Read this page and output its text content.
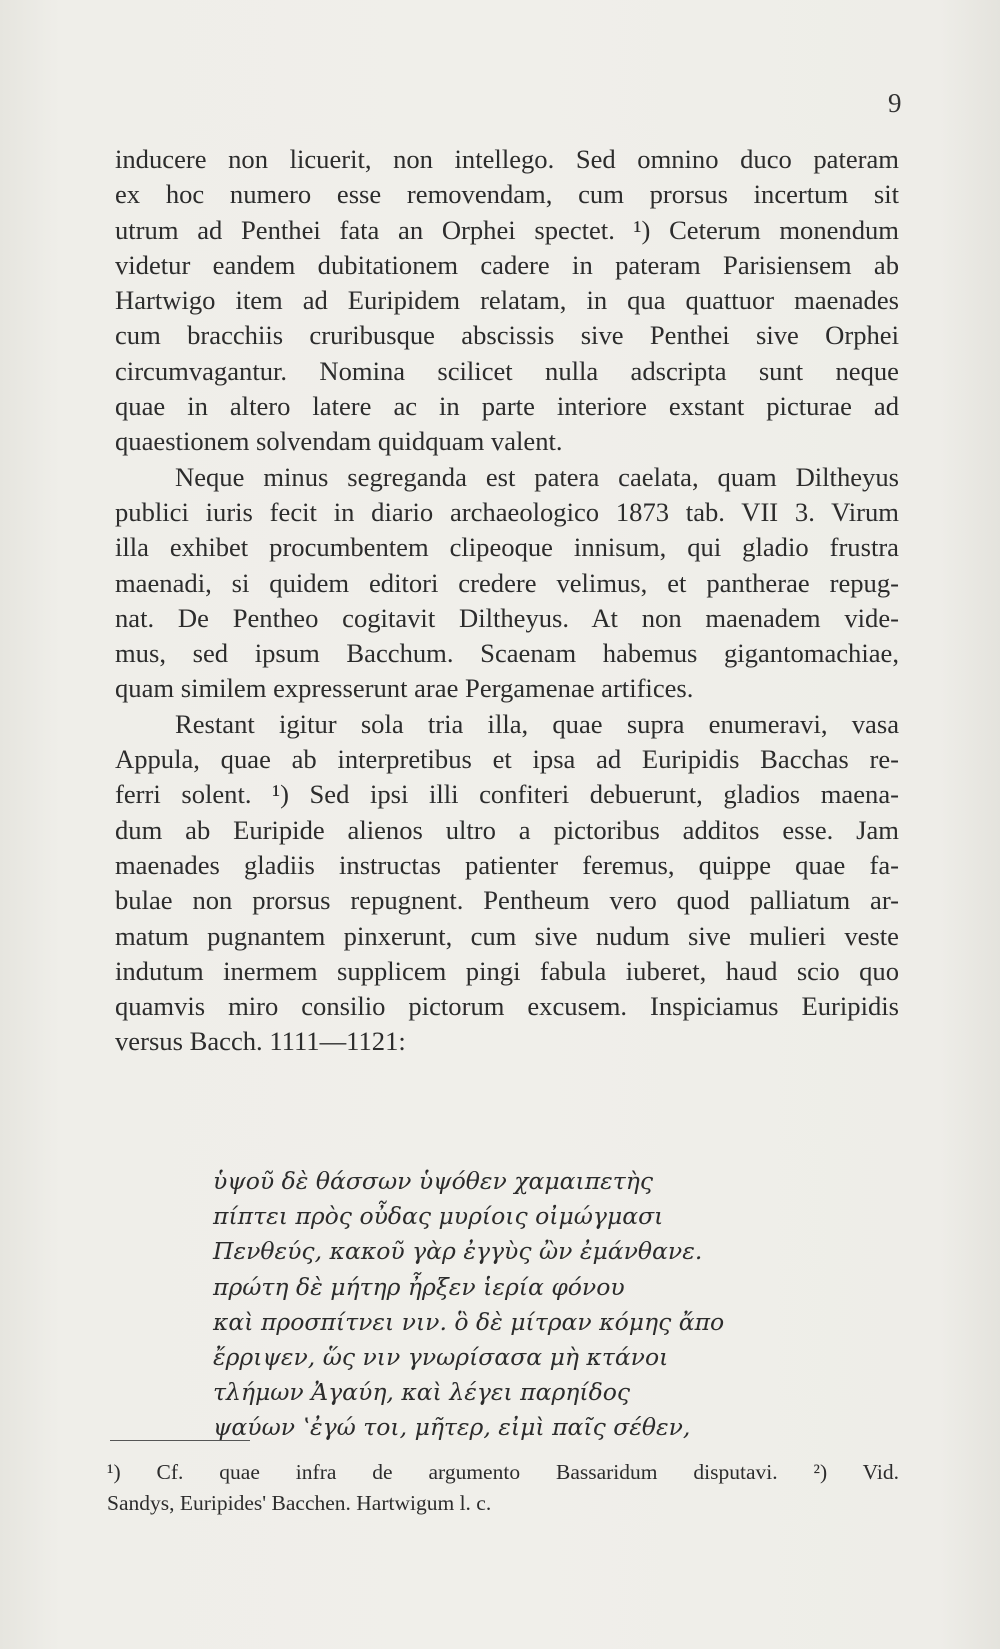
9
inducere non licuerit, non intellego. Sed omnino duco pateram
ex hoc numero esse removendam, cum prorsus incertum sit
utrum ad Penthei fata an Orphei spectet. ¹) Ceterum monendum
videtur eandem dubitationem cadere in pateram Parisiensem ab
Hartwigo item ad Euripidem relatam, in qua quattuor maenades
cum bracchiis cruribusque abscissis sive Penthei sive Orphei
circumvagantur. Nomina scilicet nulla adscripta sunt neque
quae in altero latere ac in parte interiore exstant picturae ad
quaestionem solvendam quidquam valent.
Neque minus segreganda est patera caelata, quam Diltheyus
publici iuris fecit in diario archaeologico 1873 tab. VII 3. Virum
illa exhibet procumbentem clipeoque innisum, qui gladio frustra
maenadi, si quidem editori credere velimus, et pantherae repug-
nat. De Pentheo cogitavit Diltheyus. At non maenadem vide-
mus, sed ipsum Bacchum. Scaenam habemus gigantomachiae,
quam similem expresserunt arae Pergamenae artifices.
Restant igitur sola tria illa, quae supra enumeravi, vasa
Appula, quae ab interpretibus et ipsa ad Euripidis Bacchas re-
ferri solent. ¹) Sed ipsi illi confiteri debuerunt, gladios maena-
dum ab Euripide alienos ultro a pictoribus additos esse. Jam
maenades gladiis instructas patienter feremus, quippe quae fa-
bulae non prorsus repugnent. Pentheum vero quod palliatum ar-
matum pugnantem pinxerunt, cum sive nudum sive mulieri veste
indutum inermem supplicem pingi fabula iuberet, haud scio quo
quamvis miro consilio pictorum excusem. Inspiciamus Euripidis
versus Bacch. 1111—1121:
ὑψοῦ δὲ θάσσων ὑψόθεν χαμαιπετὴς
πίπτει πρὸς οὖδας μυρίοις οἰμώγμασι
Πενθεύς, κακοῦ γὰρ ἐγγὺς ὢν ἐμάνθανε.
πρώτη δὲ μήτηρ ἦρξεν ἱερία φόνου
καὶ προσπίτνει νιν. ὃ δὲ μίτραν κόμης ἄπο
ἔρριψεν, ὥς νιν γνωρίσασα μὴ κτάνοι
τλήμων Ἀγαύη, καὶ λέγει παρηίδος
ψαύων ʽἐγώ τοι, μῆτερ, εἰμὶ παῖς σέθεν,
¹) Cf. quae infra de argumento Bassaridum disputavi. ²) Vid.
Sandys, Euripides' Bacchen. Hartwigum l. c.
